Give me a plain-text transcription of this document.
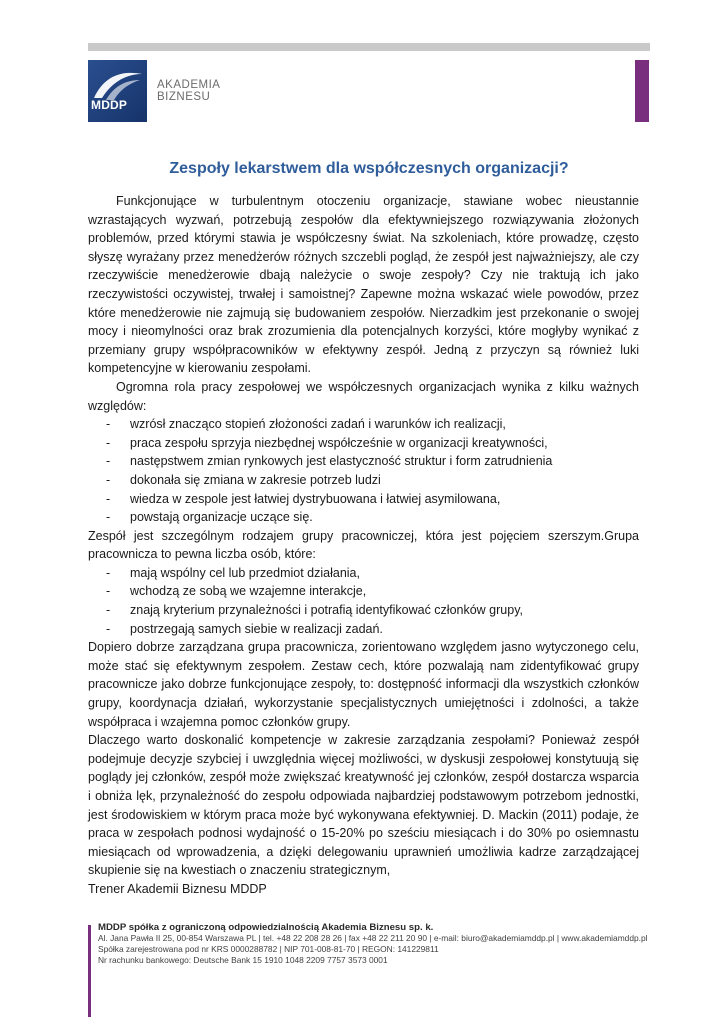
MDDP
AKADEMIA
BIZNESU
Zespoły lekarstwem dla współczesnych organizacji?

Funkcjonujące w turbulentnym otoczeniu organizacje, stawiane wobec nieustannie wzrastających wyzwań, potrzebują zespołów dla efektywniejszego rozwiązywania złożonych problemów, przed którymi stawia je współczesny świat. Na szkoleniach, które prowadzę, często słyszę wyrażany przez menedżerów różnych szczebli pogląd, że zespół jest najważniejszy, ale czy rzeczywiście menedżerowie dbają należycie o swoje zespoły? Czy nie traktują ich jako rzeczywistości oczywistej, trwałej i samoistnej? Zapewne można wskazać wiele powodów, przez które menedżerowie nie zajmują się budowaniem zespołów. Nierzadkim jest przekonanie o swojej mocy i nieomylności oraz brak zrozumienia dla potencjalnych korzyści, które mogłyby wynikać z przemiany grupy współpracowników w efektywny zespół. Jedną z przyczyn są również luki kompetencyjne w kierowaniu zespołami.

Ogromna rola pracy zespołowej we współczesnych organizacjach wynika z kilku ważnych względów:

- wzrósł znacząco stopień złożoności zadań i warunków ich realizacji,
- praca zespołu sprzyja niezbędnej współcześnie w organizacji kreatywności,
- następstwem zmian rynkowych jest elastyczność struktur i form zatrudnienia
- dokonała się zmiana w zakresie potrzeb ludzi
- wiedza w zespole jest łatwiej dystrybuowana i łatwiej asymilowana,
- powstają organizacje uczące się.

Zespół jest szczególnym rodzajem grupy pracowniczej, która jest pojęciem szerszym.Grupa pracownicza to pewna liczba osób, które:

- mają wspólny cel lub przedmiot działania,
- wchodzą ze sobą we wzajemne interakcje,
- znają kryterium przynależności i potrafią identyfikować członków grupy,
- postrzegają samych siebie w realizacji zadań.

Dopiero dobrze zarządzana grupa pracownicza, zorientowano względem jasno wytyczonego celu, może stać się efektywnym zespołem. Zestaw cech, które pozwalają nam zidentyfikować grupy pracownicze jako dobrze funkcjonujące zespoły, to: dostępność informacji dla wszystkich członków grupy, koordynacja działań, wykorzystanie specjalistycznych umiejętności i zdolności, a także współpraca i wzajemna pomoc członków grupy.

Dlaczego warto doskonalić kompetencje w zakresie zarządzania zespołami? Ponieważ zespół podejmuje decyzje szybciej i uwzględnia więcej możliwości, w dyskusji zespołowej konstytuują się poglądy jej członków, zespół może zwiększać kreatywność jej członków, zespół dostarcza wsparcia i obniża lęk, przynależność do zespołu odpowiada najbardziej podstawowym potrzebom jednostki, jest środowiskiem w którym praca może być wykonywana efektywniej. D. Mackin (2011) podaje, że praca w zespołach podnosi wydajność o 15-20% po sześciu miesiącach i do 30% po osiemnastu miesiącach od wprowadzenia, a dzięki delegowaniu uprawnień umożliwia kadrze zarządzającej skupienie się na kwestiach o znaczeniu strategicznym,

Trener Akademii Biznesu MDDP

MDDP spółka z ograniczoną odpowiedzialnością Akademia Biznesu sp. k.
Al. Jana Pawła II 25, 00-854 Warszawa PL | tel. +48 22 208 28 26 | fax +48 22 211 20 90 | e-mail: biuro@akademiamddp.pl | www.akademiamddp.pl
Spółka zarejestrowana pod nr KRS 0000288782 | NIP 701-008-81-70 | REGON: 141229811
Nr rachunku bankowego: Deutsche Bank 15 1910 1048 2209 7757 3573 0001
